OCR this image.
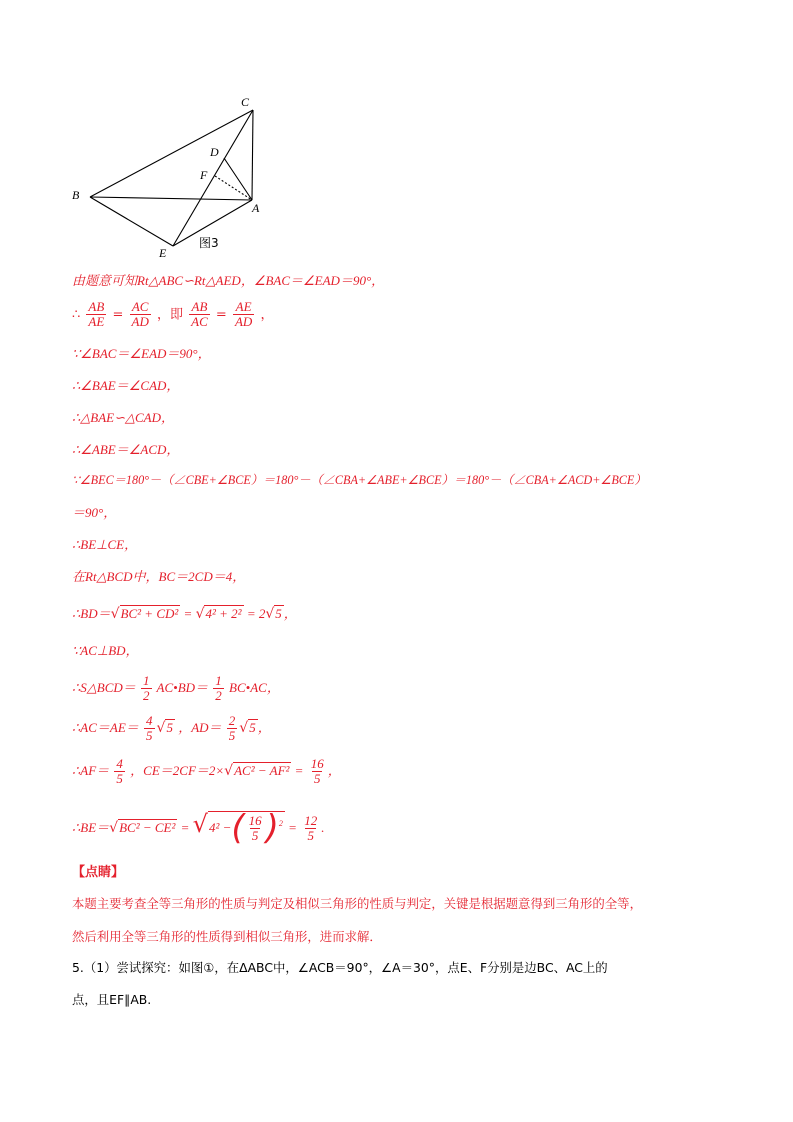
C
D
F
B
A
E
图3
由题意可知Rt△ABC∽Rt△AED，∠BAC＝∠EAD＝90°，
∴ $\frac{AB}{AE} = \frac{AC}{AD}$ ，即 $\frac{AB}{AC} = \frac{AE}{AD}$ ，
∵∠BAC＝∠EAD＝90°，
∴∠BAE＝∠CAD，
∴△BAE∽△CAD，
∴∠ABE＝∠ACD，
∵∠BEC＝180°－（∠CBE+∠BCE）＝180°－（∠CBA+∠ABE+∠BCE）＝180°－（∠CBA+∠ACD+∠BCE）
＝90°，
∴BE⊥CE，
在Rt△BCD中，BC＝2CD＝4，
∴BD＝√BC² + CD² = √4² + 2² = 2√5 ，
∵AC⊥BD，
∴S△BCD＝ $\frac{1}{2}$ AC•BD＝ $\frac{1}{2}$ BC•AC，
∴AC＝AE＝ $\frac{4}{5} √5$ ，$AD= \frac{2}{5} √5$ ，
∴AF＝ $\frac{4}{5}$ ，$CE=2CF=2\times√AC^2 - AF^2 = \frac{16}{5}$ ，
∴BE＝√BC² − CE² = √4² −( $\frac{16}{5} )^2 = \frac{12}{5}$ .
【点睛】
本题主要考查全等三角形的性质与判定及相似三角形的性质与判定，关键是根据题意得到三角形的全等，
然后利用全等三角形的性质得到相似三角形，进而求解．
5.（1）尝试探究：如图①，在ΔABC中，∠ACB＝90°，∠A＝30°，点E、F分别是边BC、AC上的
点，且EF∥AB.
